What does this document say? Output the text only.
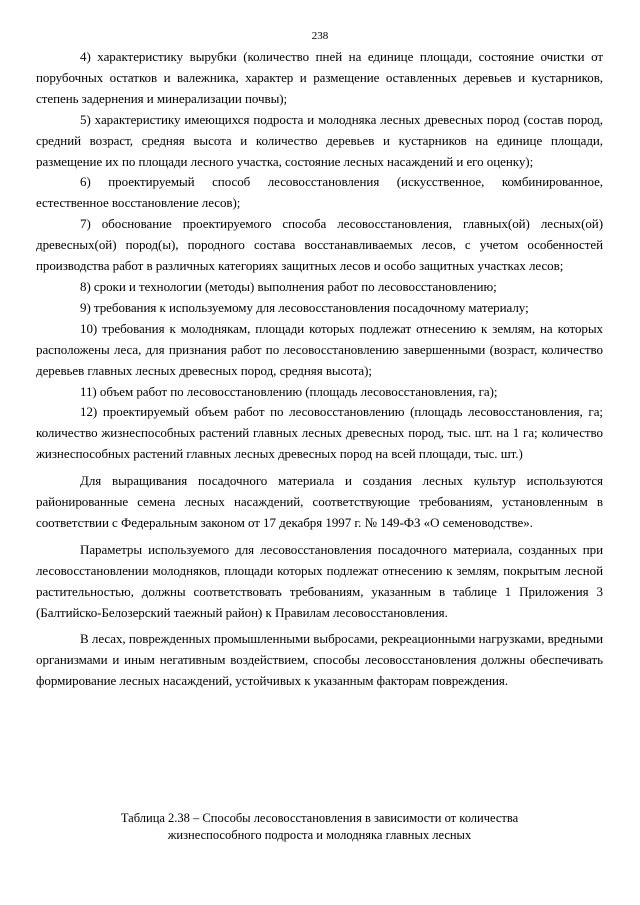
238

4) характеристику вырубки (количество пней на единице площади, состояние очистки от порубочных остатков и валежника, характер и размещение оставленных деревьев и кустарников, степень задернения и минерализации почвы);

5) характеристику имеющихся подроста и молодняка лесных древесных пород (состав пород, средний возраст, средняя высота и количество деревьев и кустарников на единице площади, размещение их по площади лесного участка, состояние лесных насаждений и его оценку);

6) проектируемый способ лесовосстановления (искусственное, комбинированное, естественное восстановление лесов);

7) обоснование проектируемого способа лесовосстановления, главных(ой) лесных(ой) древесных(ой) пород(ы), породного состава восстанавливаемых лесов, с учетом особенностей производства работ в различных категориях защитных лесов и особо защитных участках лесов;

8) сроки и технологии (методы) выполнения работ по лесовосстановлению;

9) требования к используемому для лесовосстановления посадочному материалу;

10) требования к молоднякам, площади которых подлежат отнесению к землям, на которых расположены леса, для признания работ по лесовосстановлению завершенными (возраст, количество деревьев главных лесных древесных пород, средняя высота);

11) объем работ по лесовосстановлению (площадь лесовосстановления, га);

12) проектируемый объем работ по лесовосстановлению (площадь лесовосстановления, га; количество жизнеспособных растений главных лесных древесных пород, тыс. шт. на 1 га; количество жизнеспособных растений главных лесных древесных пород на всей площади, тыс. шт.)

Для выращивания посадочного материала и создания лесных культур используются районированные семена лесных насаждений, соответствующие требованиям, установленным в соответствии с Федеральным законом от 17 декабря 1997 г. № 149-ФЗ «О семеноводстве».

Параметры используемого для лесовосстановления посадочного материала, созданных при лесовосстановлении молодняков, площади которых подлежат отнесению к землям, покрытым лесной растительностью, должны соответствовать требованиям, указанным в таблице 1 Приложения 3 (Балтийско-Белозерский таежный район) к Правилам лесовосстановления.

В лесах, поврежденных промышленными выбросами, рекреационными нагрузками, вредными организмами и иным негативным воздействием, способы лесовосстановления должны обеспечивать формирование лесных насаждений, устойчивых к указанным факторам повреждения.

Таблица 2.38 – Способы лесовосстановления в зависимости от количества
жизнеспособного подроста и молодняка главных лесных
